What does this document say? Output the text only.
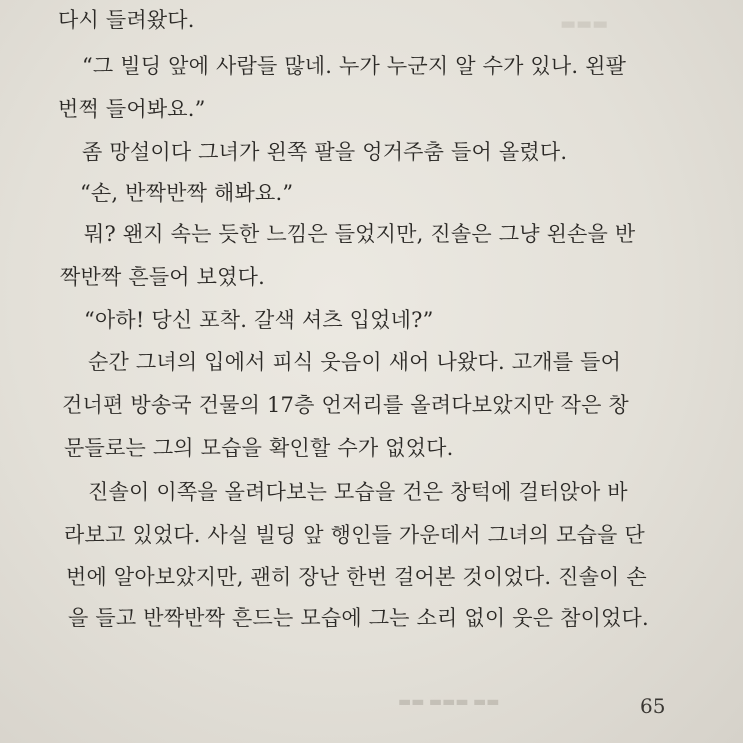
▬▬▬
다시 들려왔다.
“그 빌딩 앞에 사람들 많네. 누가 누군지 알 수가 있나. 왼팔
번쩍 들어봐요.”
좀 망설이다 그녀가 왼쪽 팔을 엉거주춤 들어 올렸다.
“손, 반짝반짝 해봐요.”
뭐? 왠지 속는 듯한 느낌은 들었지만, 진솔은 그냥 왼손을 반
짝반짝 흔들어 보였다.
“아하! 당신 포착. 갈색 셔츠 입었네?”
순간 그녀의 입에서 피식 웃음이 새어 나왔다. 고개를 들어
건너편 방송국 건물의 17층 언저리를 올려다보았지만 작은 창
문들로는 그의 모습을 확인할 수가 없었다.
진솔이 이쪽을 올려다보는 모습을 건은 창턱에 걸터앉아 바
라보고 있었다. 사실 빌딩 앞 행인들 가운데서 그녀의 모습을 단
번에 알아보았지만, 괜히 장난 한번 걸어본 것이었다. 진솔이 손
을 들고 반짝반짝 흔드는 모습에 그는 소리 없이 웃은 참이었다.
▬▬ ▬▬▬ ▬▬	65
